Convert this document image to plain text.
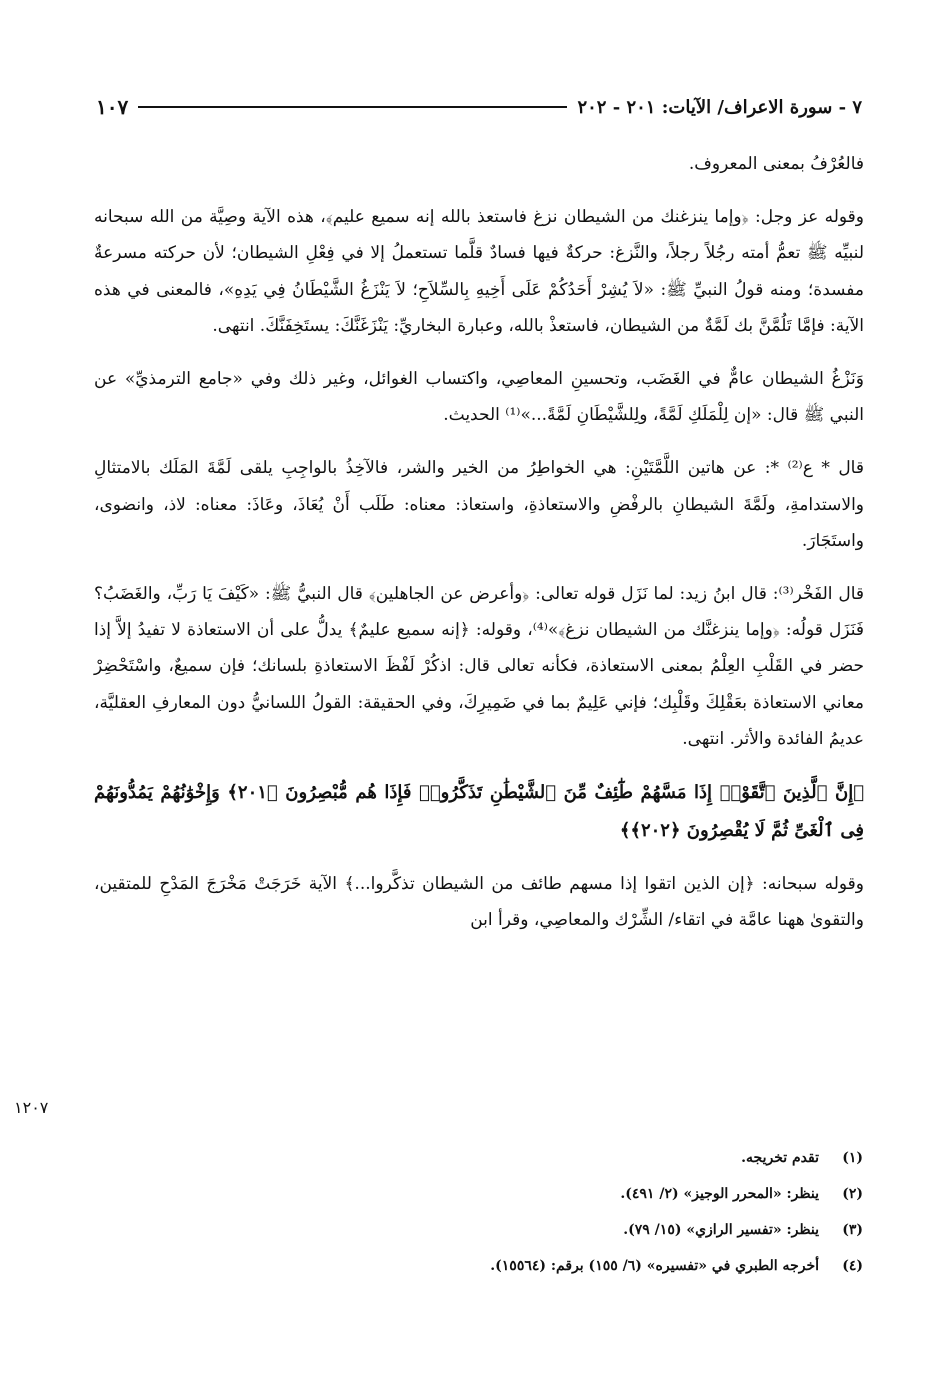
٧ - سورة الاعراف/ الآيات: ٢٠١ - ٢٠٢
١٠٧

فالعُرْفُ بمعنى المعروف.

وقوله عز وجل: ﴿وإما ينزغنك من الشيطان نزغ فاستعذ بالله إنه سميع عليم﴾، هذه الآية وصِيَّة من الله سبحانه لنبيِّه ﷺ تعمُّ أمته رجُلاً رجلاً، والنَّزغ: حركةٌ فيها فسادٌ قلَّما تستعملُ إلا في فِعْلِ الشيطان؛ لأن حركته مسرعةٌ مفسدة؛ ومنه قولُ النبيِّ ﷺ: «لاَ يُشِرْ أَحَدُكُمْ عَلَى أَخِيهِ بِالسِّلاَحِ؛ لاَ يَنْزَغُ الشَّيْطَانُ فِي يَدِهِ»، فالمعنى في هذه الآية: فإمَّا تَلُمَّنَّ بك لَمَّةٌ من الشيطان، فاستعذْ بالله، وعبارة البخاريِّ: يَنْزَغَنَّكَ: يستَخِفَنَّكَ. انتهى.

وَنَزْغُ الشيطان عامٌّ في الغَضَب، وتحسينِ المعاصِي، واكتساب الغوائل، وغير ذلك وفي «جامع الترمذيِّ» عن النبي ﷺ قال: «إن لِلْمَلَكِ لَمَّةً، ولِلشَّيْطَانِ لَمَّةً...»⁽¹⁾ الحديث.

قال * ع⁽²⁾ *: عن هاتين اللَّمَّتَيْنِ: هي الخواطِرُ من الخير والشر، فالآخِذُ بالواجِبِ يلقى لَمَّةَ المَلَك بالامتثالِ والاستدامةِ، ولَمَّةَ الشيطانِ بالرفْضِ والاستعاذةِ، واستعاذ: معناه: طَلَب أَنْ يُعَاذَ، وعَاذَ: معناه: لاذ، وانضوى، واستَجَارَ.

قال الفَخْر⁽³⁾: قال ابنُ زيد: لما نَزَل قوله تعالى: ﴿وأعرض عن الجاهلين﴾ قال النبيُّ ﷺ: «كَيْفَ يَا رَبِّ، والغَضَبُ؟ فَنَزَل قولُه: ﴿وإما ينزغنَّك من الشيطان نزغ﴾»⁽⁴⁾، وقوله: ﴿إنه سميع عليمٌ﴾ يدلُّ على أن الاستعاذة لا تفيدُ إلاَّ إذا حضر في القَلْبِ العِلْمُ بمعنى الاستعاذة، فكأنه تعالى قال: اذكُرْ لَفْظَ الاستعاذةِ بلسانك؛ فإن سميعٌ، واسْتَحْضِرْ معاني الاستعاذة بعَقْلِكَ وقَلْبِك؛ فإني عَلِيمٌ بما في ضَمِيرِكَ، وفي الحقيقة: القولُ اللسانيُّ دون المعارفِ العقليَّة، عديمُ الفائدة والأثر. انتهى.

﴿إِنَّ ٱلَّذِينَ ٱتَّقَوْا۟ إِذَا مَسَّهُمْ طَٰٓئِفٌ مِّنَ ٱلشَّيْطَٰنِ تَذَكَّرُوا۟ فَإِذَا هُم مُّبْصِرُونَ ﴿٢٠١﴾ وَإِخْوَٰنُهُمْ يَمُدُّونَهُمْ فِى ٱلْغَىِّ ثُمَّ لَا يُقْصِرُونَ ﴿٢٠٢﴾﴾

وقوله سبحانه: ﴿إن الذين اتقوا إذا مسهم طائف من الشيطان تذكَّروا...﴾ الآية خَرَجَتْ مَخْرَجَ المَدْحِ للمتقين، والتقوىٰ ههنا عامَّة في اتقاء/ الشِّرْك والمعاصِي، وقرأ ابن

١٢٠٧
(١)
تقدم تخريجه.
(٢)
ينظر: «المحرر الوجيز» (٢/ ٤٩١).
(٣)
ينظر: «تفسير الرازي» (١٥/ ٧٩).
(٤)
أخرجه الطبري في «تفسيره» (٦/ ١٥٥) برقم: (١٥٥٦٤).
